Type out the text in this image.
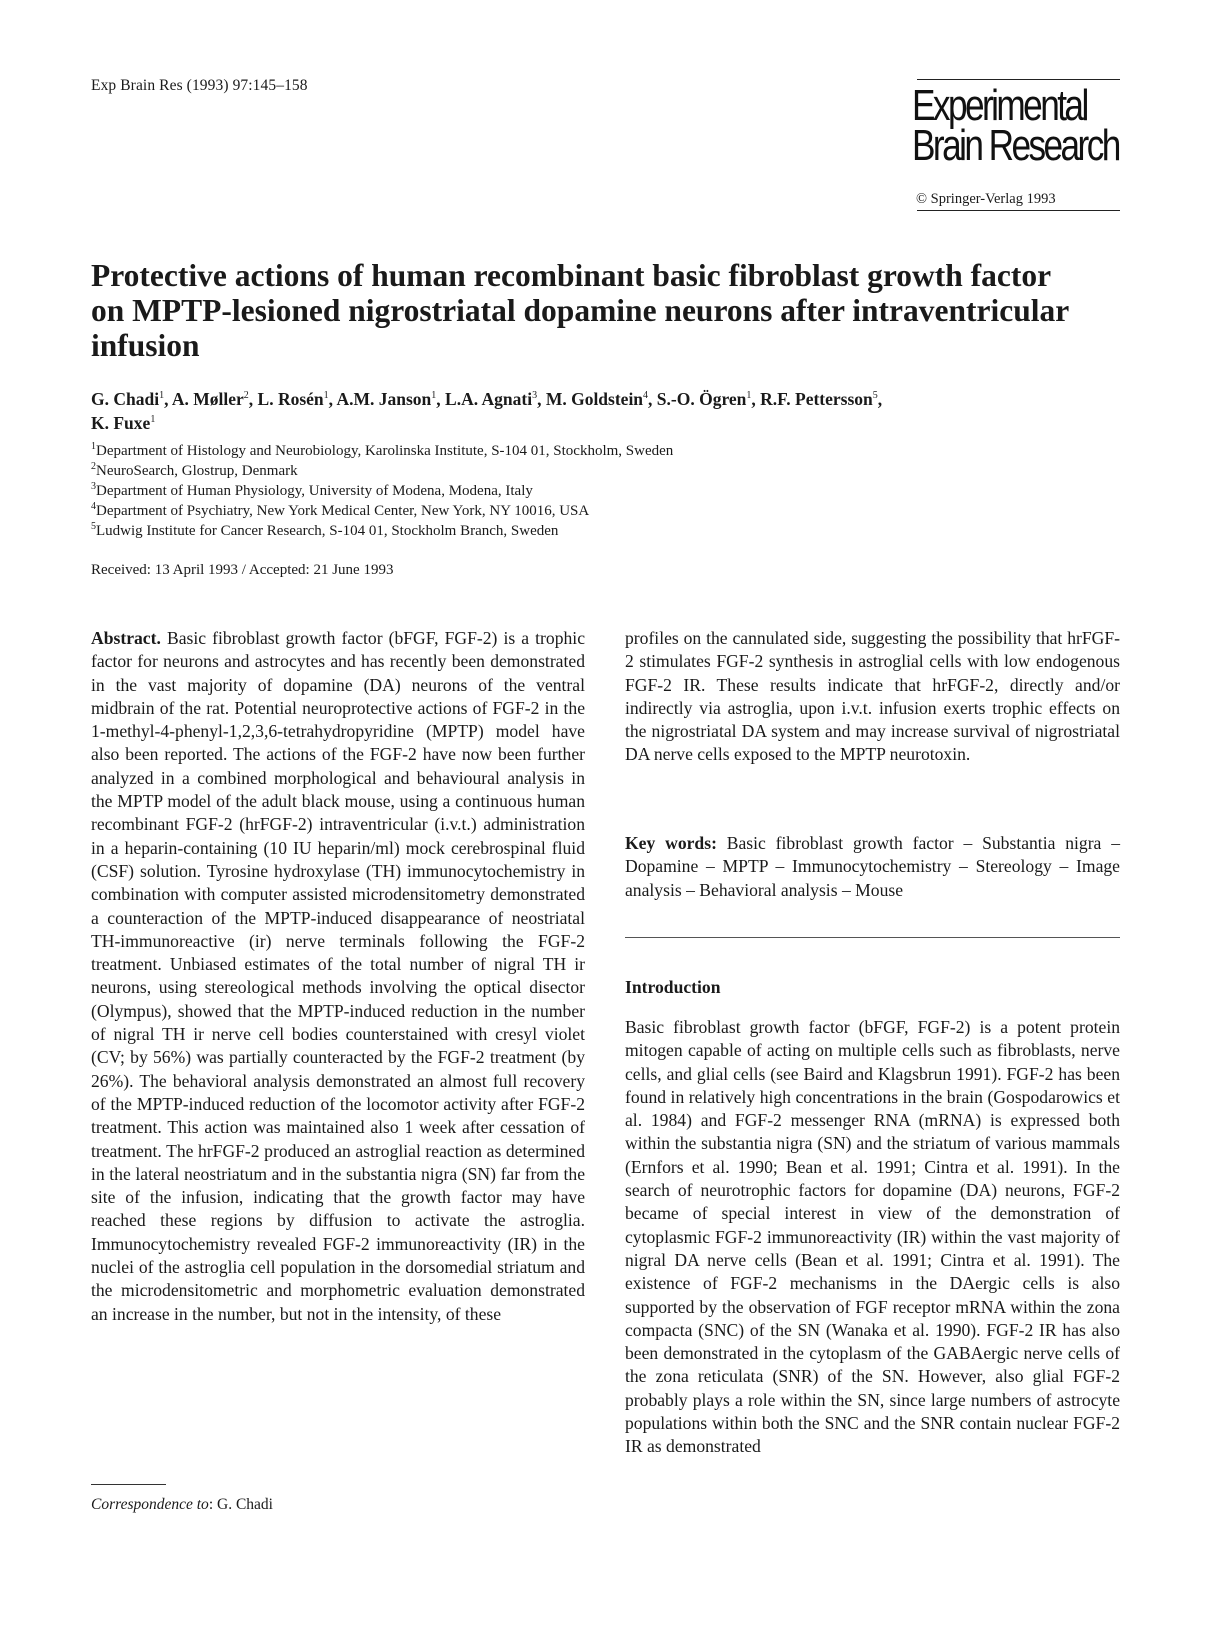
Exp Brain Res (1993) 97:145–158	Experimental
Brain Research
© Springer-Verlag 1993
Protective actions of human recombinant basic fibroblast growth factor on MPTP-lesioned nigrostriatal dopamine neurons after intraventricular infusion
G. Chadi$^1$, A. Møller$^2$, L. Rosén$^1$, A.M. Janson$^1$, L.A. Agnati$^3$, M. Goldstein$^4$, S.-O. Ögren$^1$, R.F. Pettersson$^5$,
K. Fuxe$^1$
$^1$Department of Histology and Neurobiology, Karolinska Institute, S-104 01, Stockholm, Sweden
$^2$NeuroSearch, Glostrup, Denmark
$^3$Department of Human Physiology, University of Modena, Modena, Italy
$^4$Department of Psychiatry, New York Medical Center, New York, NY 10016, USA
$^5$Ludwig Institute for Cancer Research, S-104 01, Stockholm Branch, Sweden
Received: 13 April 1993 / Accepted: 21 June 1993
Abstract. Basic fibroblast growth factor (bFGF, FGF-2) is a trophic factor for neurons and astrocytes and has recently been demonstrated in the vast majority of dopamine (DA) neurons of the ventral midbrain of the rat. Potential neuroprotective actions of FGF-2 in the 1-methyl-4-phenyl-1,2,3,6-tetrahydropyridine (MPTP) model have also been reported. The actions of the FGF-2 have now been further analyzed in a combined morphological and behavioural analysis in the MPTP model of the adult black mouse, using a continuous human recombinant FGF-2 (hrFGF-2) intraventricular (i.v.t.) administration in a heparin-containing (10 IU heparin/ml) mock cerebrospinal fluid (CSF) solution. Tyrosine hydroxylase (TH) immunocytochemistry in combination with computer assisted microdensitometry demonstrated a counteraction of the MPTP-induced disappearance of neostriatal TH-immunoreactive (ir) nerve terminals following the FGF-2 treatment. Unbiased estimates of the total number of nigral TH ir neurons, using stereological methods involving the optical disector (Olympus), showed that the MPTP-induced reduction in the number of nigral TH ir nerve cell bodies counterstained with cresyl violet (CV; by 56%) was partially counteracted by the FGF-2 treatment (by 26%). The behavioral analysis demonstrated an almost full recovery of the MPTP-induced reduction of the locomotor activity after FGF-2 treatment. This action was maintained also 1 week after cessation of treatment. The hrFGF-2 produced an astroglial reaction as determined in the lateral neostriatum and in the substantia nigra (SN) far from the site of the infusion, indicating that the growth factor may have reached these regions by diffusion to activate the astroglia. Immunocytochemistry revealed FGF-2 immunoreactivity (IR) in the nuclei of the astroglia cell population in the dorsomedial striatum and the microdensitometric and morphometric evaluation demonstrated an increase in the number, but not in the intensity, of these
profiles on the cannulated side, suggesting the possibility that hrFGF-2 stimulates FGF-2 synthesis in astroglial cells with low endogenous FGF-2 IR. These results indicate that hrFGF-2, directly and/or indirectly via astroglia, upon i.v.t. infusion exerts trophic effects on the nigrostriatal DA system and may increase survival of nigrostriatal DA nerve cells exposed to the MPTP neurotoxin.
Key words: Basic fibroblast growth factor – Substantia nigra – Dopamine – MPTP – Immunocytochemistry – Stereology – Image analysis – Behavioral analysis – Mouse
Introduction
Basic fibroblast growth factor (bFGF, FGF-2) is a potent protein mitogen capable of acting on multiple cells such as fibroblasts, nerve cells, and glial cells (see Baird and Klagsbrun 1991). FGF-2 has been found in relatively high concentrations in the brain (Gospodarowics et al. 1984) and FGF-2 messenger RNA (mRNA) is expressed both within the substantia nigra (SN) and the striatum of various mammals (Ernfors et al. 1990; Bean et al. 1991; Cintra et al. 1991). In the search of neurotrophic factors for dopamine (DA) neurons, FGF-2 became of special interest in view of the demonstration of cytoplasmic FGF-2 immunoreactivity (IR) within the vast majority of nigral DA nerve cells (Bean et al. 1991; Cintra et al. 1991). The existence of FGF-2 mechanisms in the DAergic cells is also supported by the observation of FGF receptor mRNA within the zona compacta (SNC) of the SN (Wanaka et al. 1990). FGF-2 IR has also been demonstrated in the cytoplasm of the GABAergic nerve cells of the zona reticulata (SNR) of the SN. However, also glial FGF-2 probably plays a role within the SN, since large numbers of astrocyte populations within both the SNC and the SNR contain nuclear FGF-2 IR as demonstrated
Correspondence to: G. Chadi
